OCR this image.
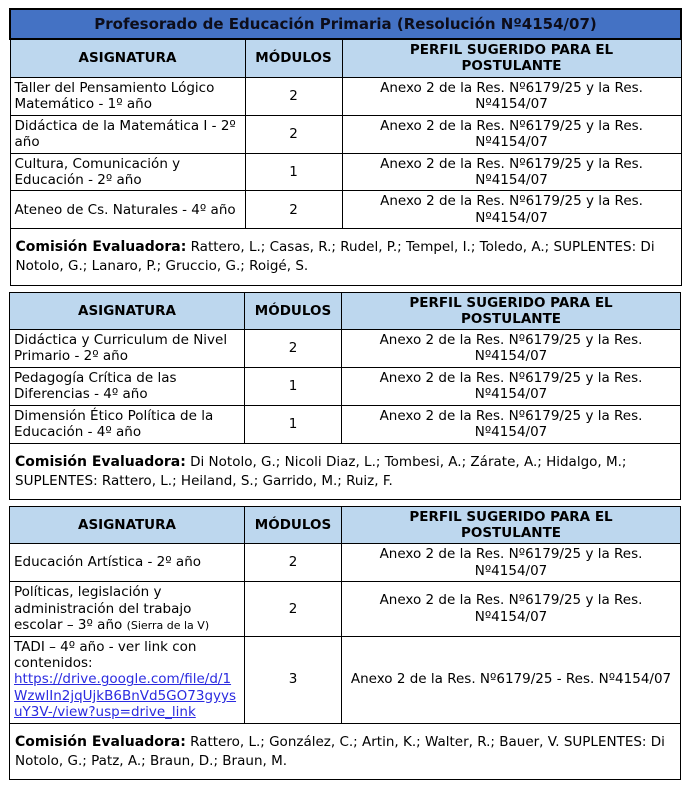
Profesorado de Educación Primaria (Resolución Nº4154/07)		
ASIGNATURA	MÓDULOS	PERFIL SUGERIDO PARA EL POSTULANTE
Taller del Pensamiento Lógico Matemático - 1º año	2	Anexo 2 de la Res. Nº6179/25 y la Res. Nº4154/07
Didáctica de la Matemática I - 2º año	2	Anexo 2 de la Res. Nº6179/25 y la Res. Nº4154/07
Cultura, Comunicación y Educación - 2º año	1	Anexo 2 de la Res. Nº6179/25 y la Res. Nº4154/07
Ateneo de Cs. Naturales - 4º año	2	Anexo 2 de la Res. Nº6179/25 y la Res. Nº4154/07
Comisión Evaluadora: Rattero, L.; Casas, R.; Rudel, P.; Tempel, I.; Toledo, A.; SUPLENTES: Di Notolo, G.; Lanaro, P.; Gruccio, G.; Roigé, S.		
ASIGNATURA	MÓDULOS	PERFIL SUGERIDO PARA EL POSTULANTE
Didáctica y Curriculum de Nivel Primario - 2º año	2	Anexo 2 de la Res. Nº6179/25 y la Res. Nº4154/07
Pedagogía Crítica de las Diferencias - 4º año	1	Anexo 2 de la Res. Nº6179/25 y la Res. Nº4154/07
Dimensión Ético Política de la Educación - 4º año	1	Anexo 2 de la Res. Nº6179/25 y la Res. Nº4154/07
Comisión Evaluadora: Di Notolo, G.; Nicoli Diaz, L.; Tombesi, A.; Zárate, A.; Hidalgo, M.; SUPLENTES: Rattero, L.; Heiland, S.; Garrido, M.; Ruiz, F.		
ASIGNATURA	MÓDULOS	PERFIL SUGERIDO PARA EL POSTULANTE
Educación Artística - 2º año	2	Anexo 2 de la Res. Nº6179/25 y la Res. Nº4154/07
Políticas, legislación y administración del trabajo escolar – 3º año (Sierra de la V)	2	Anexo 2 de la Res. Nº6179/25 y la Res. Nº4154/07
TADI – 4º año - ver link con contenidos:
https://drive.google.com/file/d/1WzwlIn2jqUjkB6BnVd5GO73gyysuY3V-/view?usp=drive_link	3	Anexo 2 de la Res. Nº6179/25 - Res. Nº4154/07
Comisión Evaluadora: Rattero, L.; González, C.; Artin, K.; Walter, R.; Bauer, V. SUPLENTES: Di Notolo, G.; Patz, A.; Braun, D.; Braun, M.		
